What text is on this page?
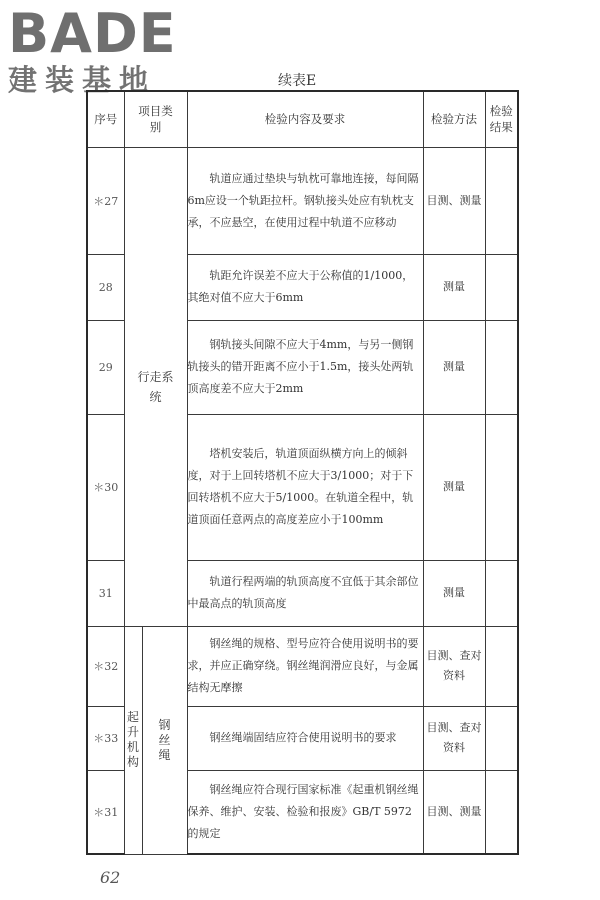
BADE
建装基地	续表E
序号	项目类别		检验内容及要求	检验方法	检验结果
＊27	行走系统		轨道应通过垫块与轨枕可靠地连接，每间隔6m应设一个轨距拉杆。钢轨接头处应有轨枕支承，不应悬空，在使用过程中轨道不应移动	目测、测量	
28			轨距允许误差不应大于公称值的1/1000，其绝对值不应大于6mm	测量	
29			钢轨接头间隙不应大于4mm，与另一侧钢轨接头的错开距离不应小于1.5m，接头处两轨顶高度差不应大于2mm	测量	
＊30			塔机安装后，轨道顶面纵横方向上的倾斜度，对于上回转塔机不应大于3/1000；对于下回转塔机不应大于5/1000。在轨道全程中，轨道顶面任意两点的高度差应小于100mm	测量	
31			轨道行程两端的轨顶高度不宜低于其余部位中最高点的轨顶高度	测量	
＊32	起升机构	钢丝绳	钢丝绳的规格、型号应符合使用说明书的要求，并应正确穿绕。钢丝绳润滑应良好，与金属结构无摩擦	目测、查对资料	
＊33			钢丝绳端固结应符合使用说明书的要求	目测、查对资料	
＊31			钢丝绳应符合现行国家标准《起重机钢丝绳 保养、维护、安装、检验和报废》GB/T 5972的规定	目测、测量	
62
